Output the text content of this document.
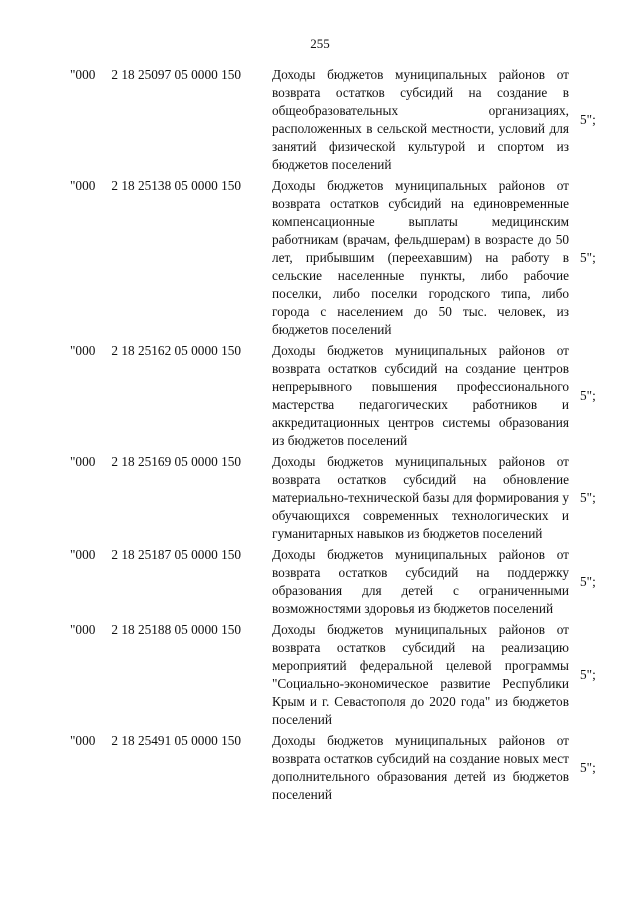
255
"000 2 18 25097 05 0000 150 Доходы бюджетов муниципальных районов от возврата остатков субсидий на создание в общеобразовательных организациях, расположенных в сельской местности, условий для занятий физической культурой и спортом из бюджетов поселений
5";
"000 2 18 25138 05 0000 150 Доходы бюджетов муниципальных районов от возврата остатков субсидий на единовременные компенсационные выплаты медицинским работникам (врачам, фельдшерам) в возрасте до 50 лет, прибывшим (переехавшим) на работу в сельские населенные пункты, либо рабочие поселки, либо поселки городского типа, либо города с населением до 50 тыс. человек, из бюджетов поселений
5";
"000 2 18 25162 05 0000 150 Доходы бюджетов муниципальных районов от возврата остатков субсидий на создание центров непрерывного повышения профессионального мастерства педагогических работников и аккредитационных центров системы образования из бюджетов поселений
5";
"000 2 18 25169 05 0000 150 Доходы бюджетов муниципальных районов от возврата остатков субсидий на обновление материально-технической базы для формирования у обучающихся современных технологических и гуманитарных навыков из бюджетов поселений
5";
"000 2 18 25187 05 0000 150 Доходы бюджетов муниципальных районов от возврата остатков субсидий на поддержку образования для детей с ограниченными возможностями здоровья из бюджетов поселений
5";
"000 2 18 25188 05 0000 150 Доходы бюджетов муниципальных районов от возврата остатков субсидий на реализацию мероприятий федеральной целевой программы "Социально-экономическое развитие Республики Крым и г. Севастополя до 2020 года" из бюджетов поселений
5";
"000 2 18 25491 05 0000 150 Доходы бюджетов муниципальных районов от возврата остатков субсидий на создание новых мест дополнительного образования детей из бюджетов поселений
5";
